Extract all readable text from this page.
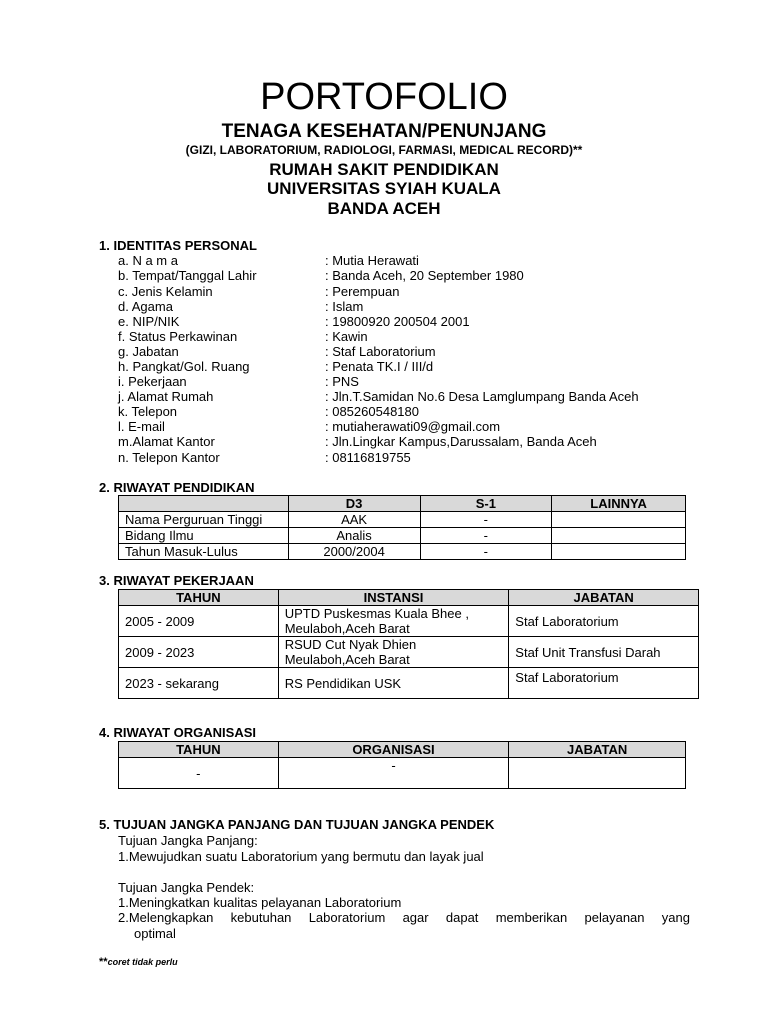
PORTOFOLIO
TENAGA KESEHATAN/PENUNJANG
(GIZI, LABORATORIUM, RADIOLOGI, FARMASI, MEDICAL RECORD)**
RUMAH SAKIT PENDIDIKAN
UNIVERSITAS SYIAH KUALA
BANDA ACEH
1. IDENTITAS PERSONAL
a. N a m a	: Mutia Herawati
b. Tempat/Tanggal Lahir	: Banda Aceh, 20 September 1980
c. Jenis Kelamin	: Perempuan
d. Agama	: Islam
e. NIP/NIK	: 19800920 200504 2001
f. Status Perkawinan	: Kawin
g. Jabatan	: Staf Laboratorium
h. Pangkat/Gol. Ruang	: Penata TK.I / III/d
i. Pekerjaan	: PNS
j. Alamat Rumah	: Jln.T.Samidan No.6 Desa Lamglumpang Banda Aceh
k. Telepon	: 085260548180
l. E-mail	: mutiaherawati09@gmail.com
m.Alamat Kantor	: Jln.Lingkar Kampus,Darussalam, Banda Aceh
n. Telepon Kantor	: 08116819755
2. RIWAYAT PENDIDIKAN
	D3	S-1	LAINNYA
Nama Perguruan Tinggi	AAK	-	
Bidang Ilmu	Analis	-	
Tahun Masuk-Lulus	2000/2004	-	
3. RIWAYAT PEKERJAAN
TAHUN	INSTANSI	JABATAN
2005 - 2009	UPTD Puskesmas Kuala Bhee ,
Meulaboh,Aceh Barat	Staf Laboratorium
2009 - 2023	RSUD Cut Nyak Dhien
Meulaboh,Aceh Barat	Staf Unit Transfusi Darah
2023 - sekarang	RS Pendidikan USK	Staf Laboratorium
4. RIWAYAT ORGANISASI
TAHUN	ORGANISASI	JABATAN
-	-	
5. TUJUAN JANGKA PANJANG DAN TUJUAN JANGKA PENDEK
Tujuan Jangka Panjang:
1.Mewujudkan suatu Laboratorium yang bermutu dan layak jual
Tujuan Jangka Pendek:
1.Meningkatkan kualitas pelayanan Laboratorium
2.Melengkapkan kebutuhan Laboratorium agar dapat memberikan pelayanan yang
optimal
**coret tidak perlu
